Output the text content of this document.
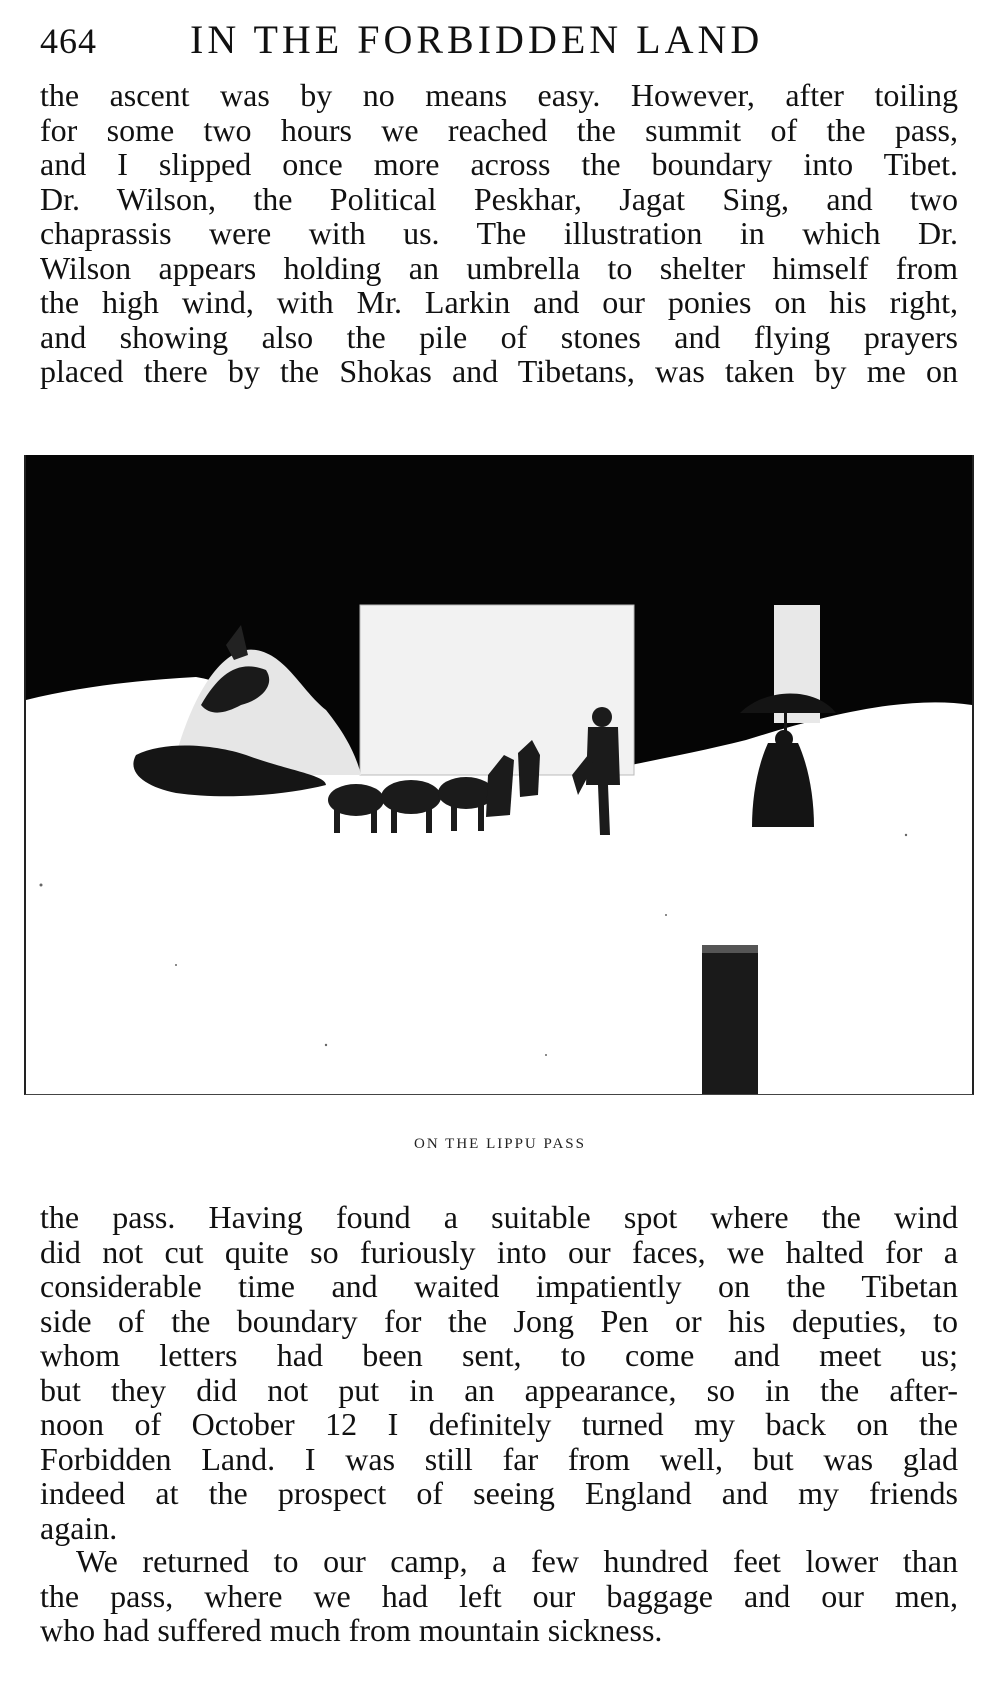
464 IN THE FORBIDDEN LAND
the ascent was by no means easy. However, after toiling
for some two hours we reached the summit of the pass,
and I slipped once more across the boundary into Tibet.
Dr. Wilson, the Political Peskhar, Jagat Sing, and two
chaprassis were with us. The illustration in which Dr.
Wilson appears holding an umbrella to shelter himself from
the high wind, with Mr. Larkin and our ponies on his right,
and showing also the pile of stones and flying prayers
placed there by the Shokas and Tibetans, was taken by me on
ON THE LIPPU PASS
the pass. Having found a suitable spot where the wind
did not cut quite so furiously into our faces, we halted for a
considerable time and waited impatiently on the Tibetan
side of the boundary for the Jong Pen or his deputies, to
whom letters had been sent, to come and meet us;
but they did not put in an appearance, so in the after-
noon of October 12 I definitely turned my back on the
Forbidden Land. I was still far from well, but was glad
indeed at the prospect of seeing England and my friends
again.
We returned to our camp, a few hundred feet lower than
the pass, where we had left our baggage and our men,
who had suffered much from mountain sickness.
